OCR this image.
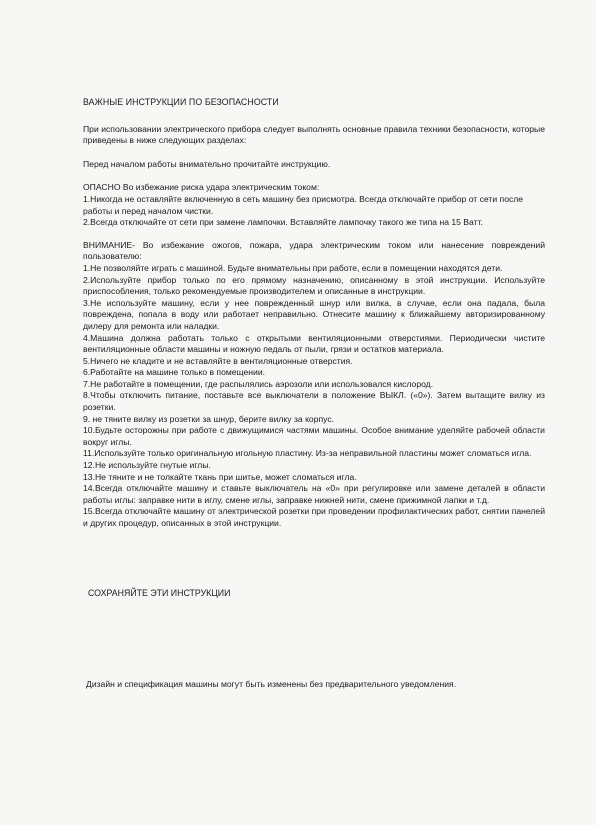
ВАЖНЫЕ ИНСТРУКЦИИ ПО БЕЗОПАСНОСТИ

При использовании электрического прибора следует выполнять основные правила техники безопасности, которые приведены в ниже следующих разделах:

Перед началом работы внимательно прочитайте инструкцию.

ОПАСНО Во избежание риска удара электрическим током:

1.Никогда не оставляйте включенную в сеть машину без присмотра. Всегда отключайте прибор от сети после работы и перед началом чистки.

2.Всегда отключайте от сети при замене лампочки. Вставляйте лампочку такого же типа на 15 Ватт.

ВНИМАНИЕ- Во избежание ожогов, пожара, удара электрическим током или нанесение повреждений пользователю:

1.Не позволяйте играть с машиной. Будьте внимательны при работе, если в помещении находятся дети.

2.Используйте прибор только по его прямому назначению, описанному в этой инструкции. Используйте приспособления, только рекомендуемые производителем и описанные в инструкции.

3.Не используйте машину, если у нее поврежденный шнур или вилка, в случае, если она падала, была повреждена, попала в воду или работает неправильно. Отнесите машину к ближайшему авторизированному дилеру для ремонта или наладки.

4.Машина должна работать только с открытыми вентиляционными отверстиями. Периодически чистите вентиляционные области машины и ножную педаль от пыли, грязи и остатков материала.

5.Ничего не кладите и не вставляйте в вентиляционные отверстия.

6.Работайте на машине только в помещении.

7.Не работайте в помещении, где распылялись аэрозоли или использовался кислород.

8.Чтобы отключить питание, поставьте все выключатели в положение ВЫКЛ. («0»). Затем вытащите вилку из розетки.

9. не тяните вилку из розетки за шнур, берите вилку за корпус.

10.Будьте осторожны при работе с движущимися частями машины. Особое внимание уделяйте рабочей области вокруг иглы.

11.Используйте только оригинальную игольную пластину. Из-за неправильной пластины может сломаться игла.

12.Не используйте гнутые иглы.

13.Не тяните и не толкайте ткань при шитье, может сломаться игла.

14.Всегда отключайте машину и ставьте выключатель на «0» при регулировке или замене деталей в области работы иглы: заправке нити в иглу, смене иглы, заправке нижней нити, смене прижимной лапки и т.д.

15.Всегда отключайте машину от электрической розетки при проведении профилактических работ, снятии панелей и других процедур, описанных в этой инструкции.

СОХРАНЯЙТЕ ЭТИ ИНСТРУКЦИИ

Дизайн и спецификация машины могут быть изменены без предварительного уведомления.
